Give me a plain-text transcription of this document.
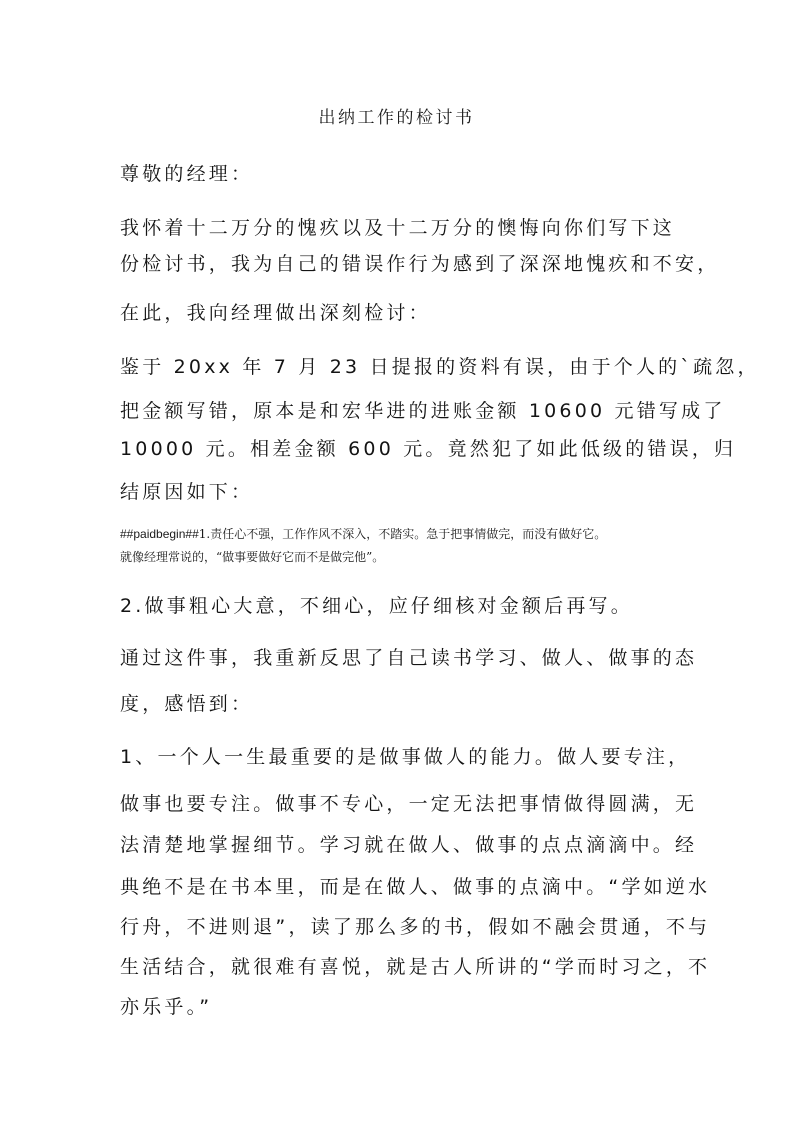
出纳工作的检讨书
尊敬的经理：
我怀着十二万分的愧疚以及十二万分的懊悔向你们写下这
份检讨书，我为自己的错误作行为感到了深深地愧疚和不安，
在此，我向经理做出深刻检讨：
鉴于 20xx 年 7 月 23 日提报的资料有误，由于个人的`疏忽，
把金额写错，原本是和宏华进的进账金额 10600 元错写成了
10000 元。相差金额 600 元。竟然犯了如此低级的错误，归
结原因如下：
##paidbegin##1.责任心不强，工作作风不深入，不踏实。急于把事情做完，而没有做好它。
就像经理常说的，“做事要做好它而不是做完他”。
2.做事粗心大意，不细心，应仔细核对金额后再写。
通过这件事，我重新反思了自己读书学习、做人、做事的态
度，感悟到：
1、一个人一生最重要的是做事做人的能力。做人要专注，
做事也要专注。做事不专心，一定无法把事情做得圆满，无
法清楚地掌握细节。学习就在做人、做事的点点滴滴中。经
典绝不是在书本里，而是在做人、做事的点滴中。“学如逆水
行舟，不进则退”，读了那么多的书，假如不融会贯通，不与
生活结合，就很难有喜悦，就是古人所讲的“学而时习之，不
亦乐乎。”
